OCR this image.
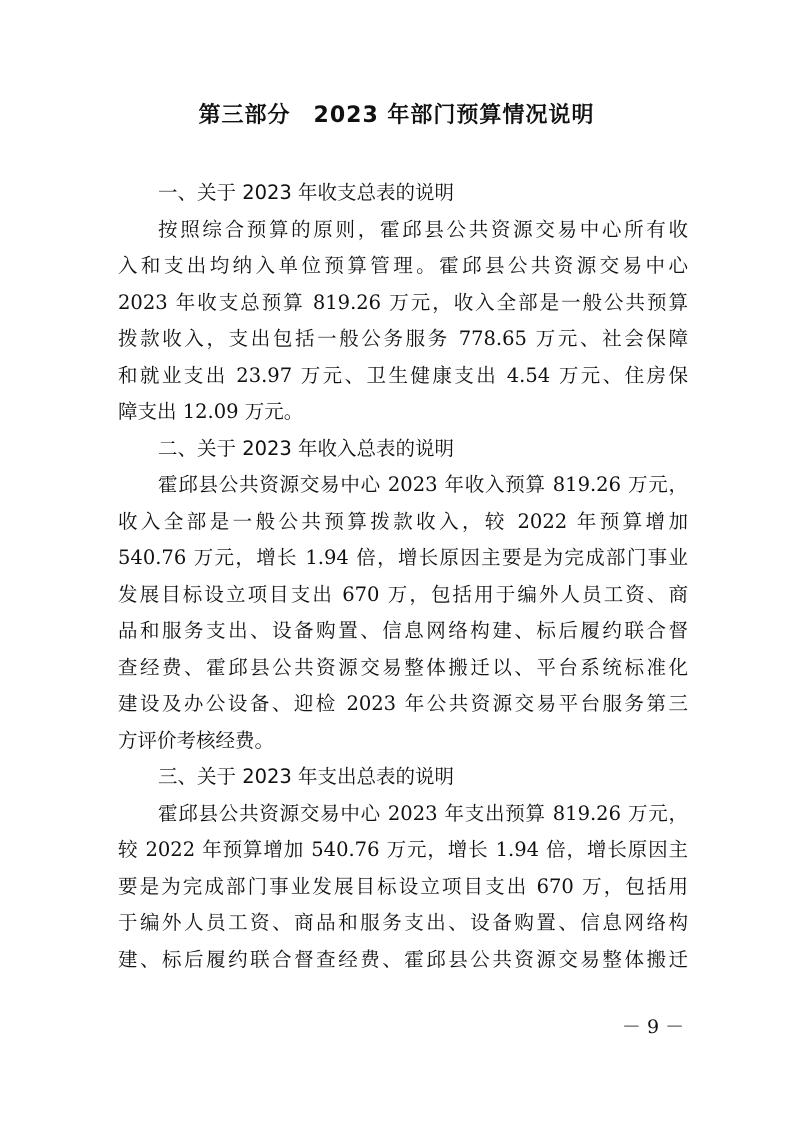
第三部分　2023 年部门预算情况说明
一、关于 2023 年收支总表的说明
按照综合预算的原则，霍邱县公共资源交易中心所有收
入和支出均纳入单位预算管理。霍邱县公共资源交易中心
2023 年收支总预算 819.26 万元，收入全部是一般公共预算
拨款收入，支出包括一般公务服务 778.65 万元、社会保障
和就业支出 23.97 万元、卫生健康支出 4.54 万元、住房保
障支出 12.09 万元。
二、关于 2023 年收入总表的说明
霍邱县公共资源交易中心 2023 年收入预算 819.26 万元，
收入全部是一般公共预算拨款收入，较 2022 年预算增加
540.76 万元，增长 1.94 倍，增长原因主要是为完成部门事业
发展目标设立项目支出 670 万，包括用于编外人员工资、商
品和服务支出、设备购置、信息网络构建、标后履约联合督
查经费、霍邱县公共资源交易整体搬迁以、平台系统标准化
建设及办公设备、迎检 2023 年公共资源交易平台服务第三
方评价考核经费。
三、关于 2023 年支出总表的说明
霍邱县公共资源交易中心 2023 年支出预算 819.26 万元，
较 2022 年预算增加 540.76 万元，增长 1.94 倍，增长原因主
要是为完成部门事业发展目标设立项目支出 670 万，包括用
于编外人员工资、商品和服务支出、设备购置、信息网络构
建、标后履约联合督查经费、霍邱县公共资源交易整体搬迁
－ 9 －
